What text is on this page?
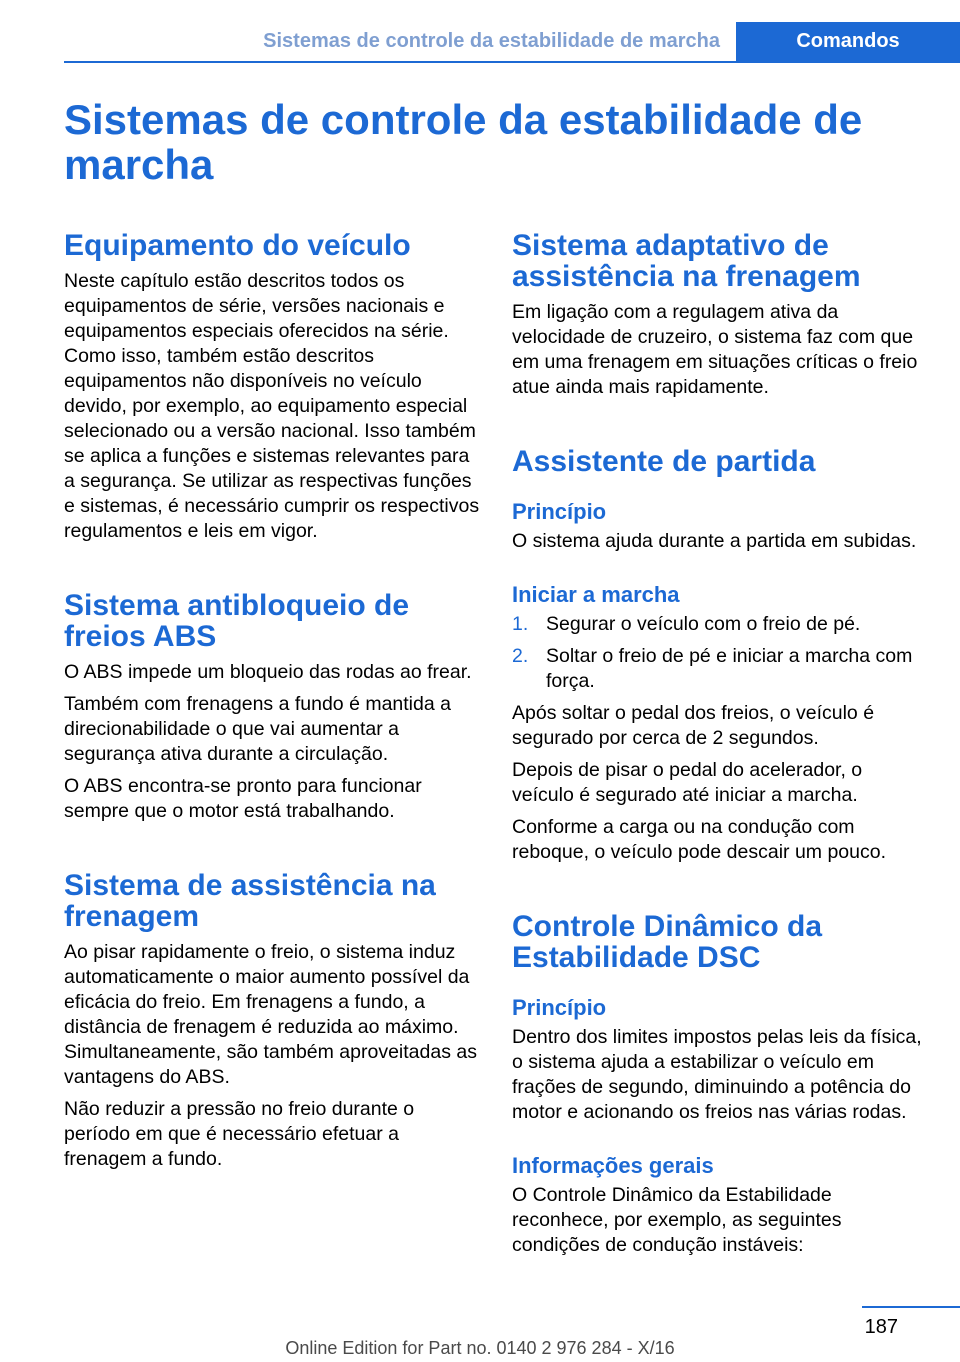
Sistemas de controle da estabilidade de marcha	Comandos
Sistemas de controle da estabilidade de marcha
Equipamento do veículo

Neste capítulo estão descritos todos os equipamentos de série, versões nacionais e equipamentos especiais oferecidos na série. Como isso, também estão descritos equipamentos não disponíveis no veículo devido, por exemplo, ao equipamento especial selecionado ou a versão nacional. Isso também se aplica a funções e sistemas relevantes para a segurança. Se utilizar as respectivas funções e sistemas, é necessário cumprir os respectivos regulamentos e leis em vigor.

Sistema antibloqueio de freios ABS

O ABS impede um bloqueio das rodas ao frear.

Também com frenagens a fundo é mantida a direcionabilidade o que vai aumentar a segurança ativa durante a circulação.

O ABS encontra-se pronto para funcionar sempre que o motor está trabalhando.

Sistema de assistência na frenagem

Ao pisar rapidamente o freio, o sistema induz automaticamente o maior aumento possível da eficácia do freio. Em frenagens a fundo, a distância de frenagem é reduzida ao máximo. Simultaneamente, são também aproveitadas as vantagens do ABS.

Não reduzir a pressão no freio durante o período em que é necessário efetuar a frenagem a fundo.

Sistema adaptativo de assistência na frenagem

Em ligação com a regulagem ativa da velocidade de cruzeiro, o sistema faz com que em uma frenagem em situações críticas o freio atue ainda mais rapidamente.

Assistente de partida
Princípio

O sistema ajuda durante a partida em subidas.

Iniciar a marcha
1. Segurar o veículo com o freio de pé.
2. Soltar o freio de pé e iniciar a marcha com força.

Após soltar o pedal dos freios, o veículo é segurado por cerca de 2 segundos.

Depois de pisar o pedal do acelerador, o veículo é segurado até iniciar a marcha.

Conforme a carga ou na condução com reboque, o veículo pode descair um pouco.

Controle Dinâmico da Estabilidade DSC
Princípio

Dentro dos limites impostos pelas leis da física, o sistema ajuda a estabilizar o veículo em frações de segundo, diminuindo a potência do motor e acionando os freios nas várias rodas.

Informações gerais

O Controle Dinâmico da Estabilidade reconhece, por exemplo, as seguintes condições de condução instáveis:

187
Online Edition for Part no. 0140 2 976 284 - X/16
